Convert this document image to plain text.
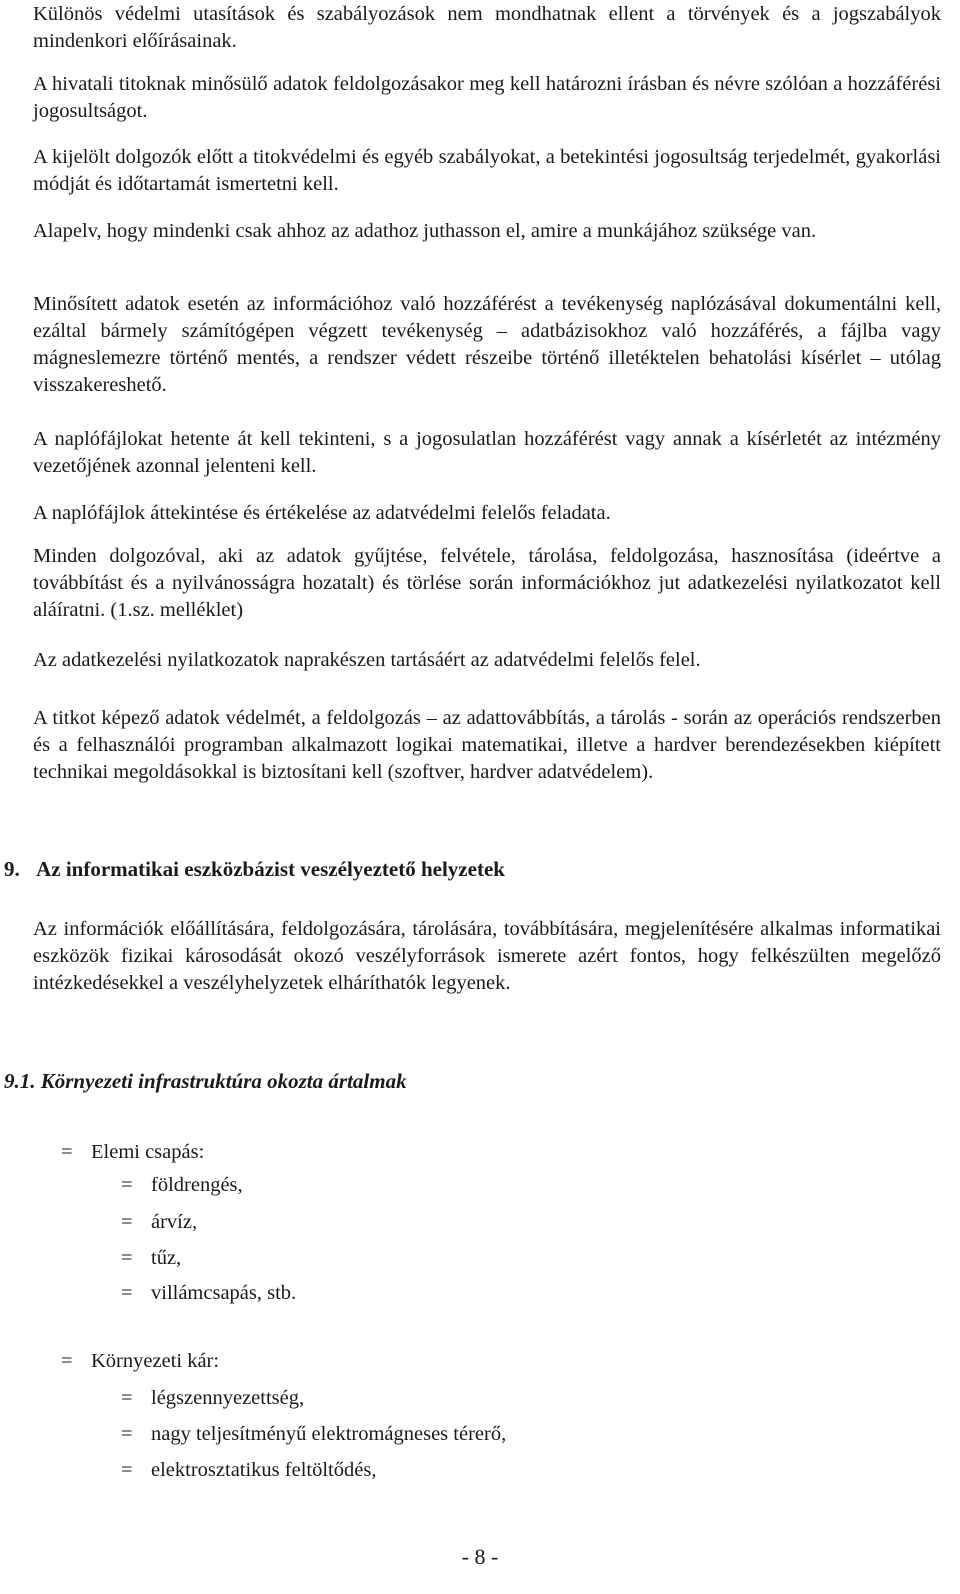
Különös védelmi utasítások és szabályozások nem mondhatnak ellent a törvények és a jogszabályok mindenkori előírásainak.

A hivatali titoknak minősülő adatok feldolgozásakor meg kell határozni írásban és névre szólóan a hozzáférési jogosultságot.

A kijelölt dolgozók előtt a titokvédelmi és egyéb szabályokat, a betekintési jogosultság terjedelmét, gyakorlási módját és időtartamát ismertetni kell.

Alapelv, hogy mindenki csak ahhoz az adathoz juthasson el, amire a munkájához szüksége van.

Minősített adatok esetén az információhoz való hozzáférést a tevékenység naplózásával dokumentálni kell, ezáltal bármely számítógépen végzett tevékenység – adatbázisokhoz való hozzáférés, a fájlba vagy mágneslemezre történő mentés, a rendszer védett részeibe történő illetéktelen behatolási kísérlet – utólag visszakereshető.

A naplófájlokat hetente át kell tekinteni, s a jogosulatlan hozzáférést vagy annak a kísérletét az intézmény vezetőjének azonnal jelenteni kell.

A naplófájlok áttekintése és értékelése az adatvédelmi felelős feladata.

Minden dolgozóval, aki az adatok gyűjtése, felvétele, tárolása, feldolgozása, hasznosítása (ideértve a továbbítást és a nyilvánosságra hozatalt) és törlése során információkhoz jut adatkezelési nyilatkozatot kell aláíratni. (1.sz. melléklet)

Az adatkezelési nyilatkozatok naprakészen tartásáért az adatvédelmi felelős felel.

A titkot képező adatok védelmét, a feldolgozás – az adattovábbítás, a tárolás - során az operációs rendszerben és a felhasználói programban alkalmazott logikai matematikai, illetve a hardver berendezésekben kiépített technikai megoldásokkal is biztosítani kell (szoftver, hardver adatvédelem).

9. Az informatikai eszközbázist veszélyeztető helyzetek

Az információk előállítására, feldolgozására, tárolására, továbbítására, megjelenítésére alkalmas informatikai eszközök fizikai károsodását okozó veszélyforrások ismerete azért fontos, hogy felkészülten megelőző intézkedésekkel a veszélyhelyzetek elháríthatók legyenek.

9.1. Környezeti infrastruktúra okozta ártalmak
= Elemi csapás:
= földrengés,
= árvíz,
= tűz,
= villámcsapás, stb.
= Környezeti kár:
= légszennyezettség,
= nagy teljesítményű elektromágneses térerő,
= elektrosztatikus feltöltődés,
- 8 -
